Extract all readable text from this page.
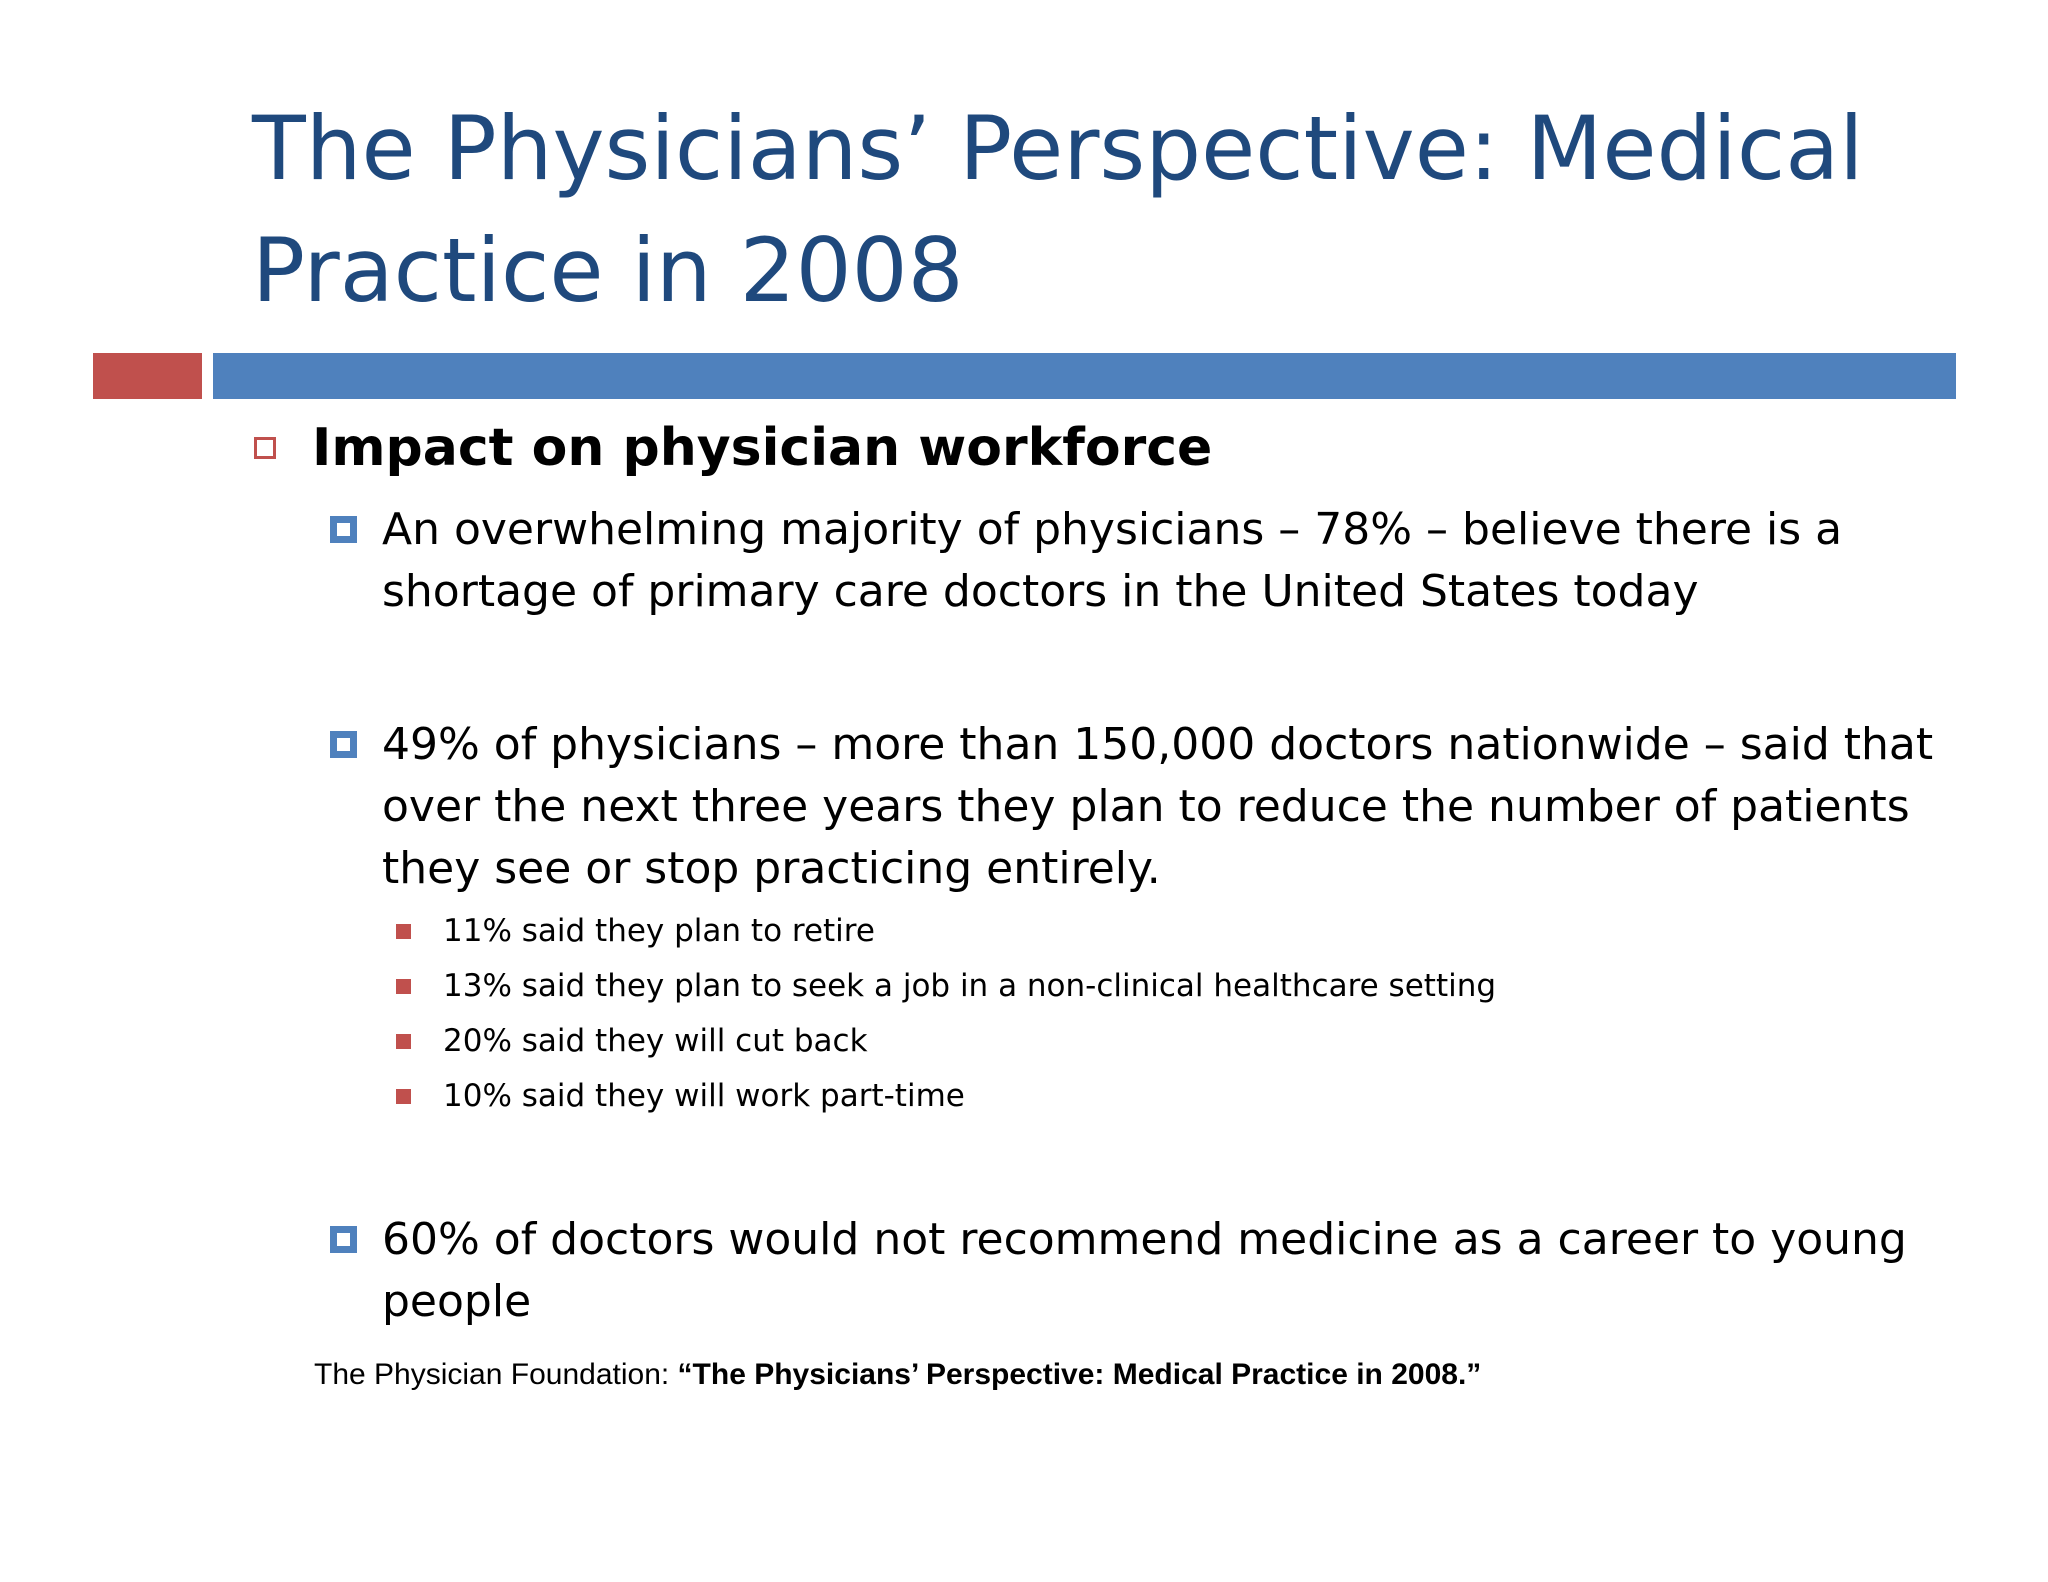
The Physicians’ Perspective: Medical Practice in 2008
Impact on physician workforce
An overwhelming majority of physicians – 78% – believe there is a shortage of primary care doctors in the United States today
49% of physicians – more than 150,000 doctors nationwide – said that over the next three years they plan to reduce the number of patients they see or stop practicing entirely.
11% said they plan to retire
13% said they plan to seek a job in a non-clinical healthcare setting
20% said they will cut back
10% said they will work part-time
60% of doctors would not recommend medicine as a career to young people
The Physician Foundation: “The Physicians’ Perspective: Medical Practice in 2008.”
